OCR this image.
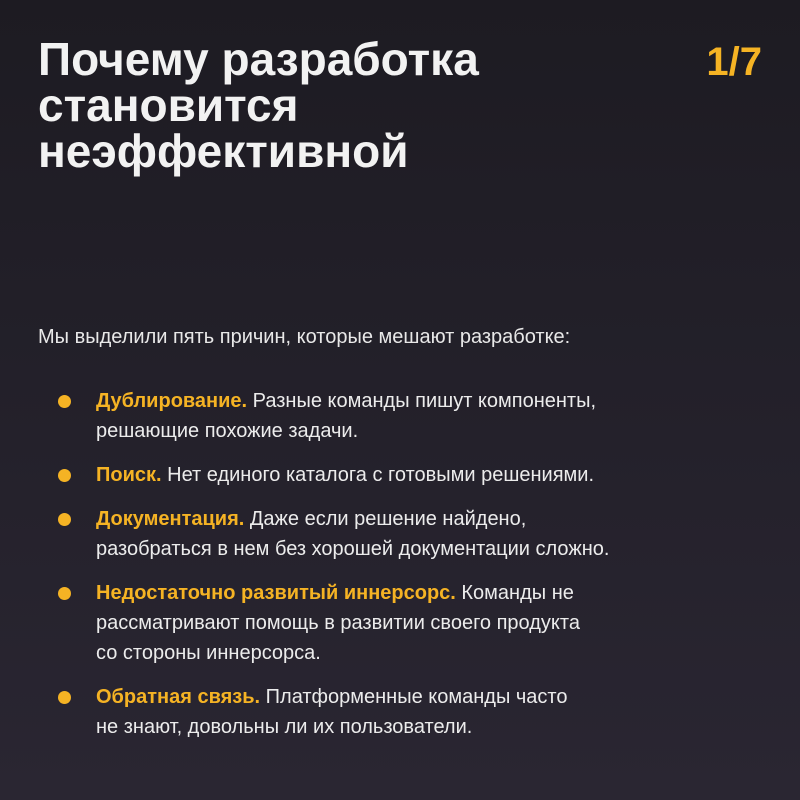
Почему разработка
становится
неэффективной
1/7

Мы выделили пять причин, которые мешают разработке:

Дублирование. Разные команды пишут компоненты,
решающие похожие задачи.
Поиск. Нет единого каталога с готовыми решениями.
Документация. Даже если решение найдено,
разобраться в нем без хорошей документации сложно.
Недостаточно развитый иннерсорс. Команды не
рассматривают помощь в развитии своего продукта
со стороны иннерсорса.
Обратная связь. Платформенные команды часто
не знают, довольны ли их пользователи.
